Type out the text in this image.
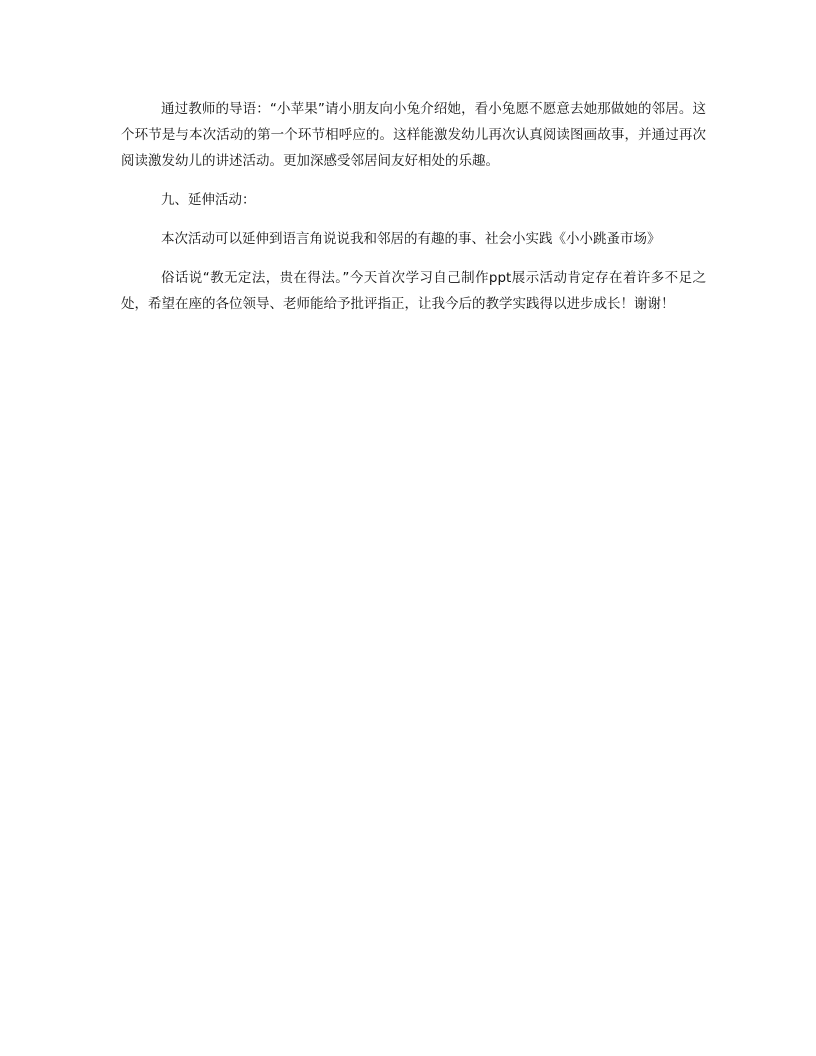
通过教师的导语：“小苹果”请小朋友向小兔介绍她，看小兔愿不愿意去她那做她的邻居。这个环节是与本次活动的第一个环节相呼应的。这样能激发幼儿再次认真阅读图画故事，并通过再次阅读激发幼儿的讲述活动。更加深感受邻居间友好相处的乐趣。

九、延伸活动：

本次活动可以延伸到语言角说说我和邻居的有趣的事、社会小实践《小小跳蚤市场》

俗话说“教无定法，贵在得法。”今天首次学习自己制作ppt展示活动肯定存在着许多不足之处，希望在座的各位领导、老师能给予批评指正，让我今后的教学实践得以进步成长！谢谢！
